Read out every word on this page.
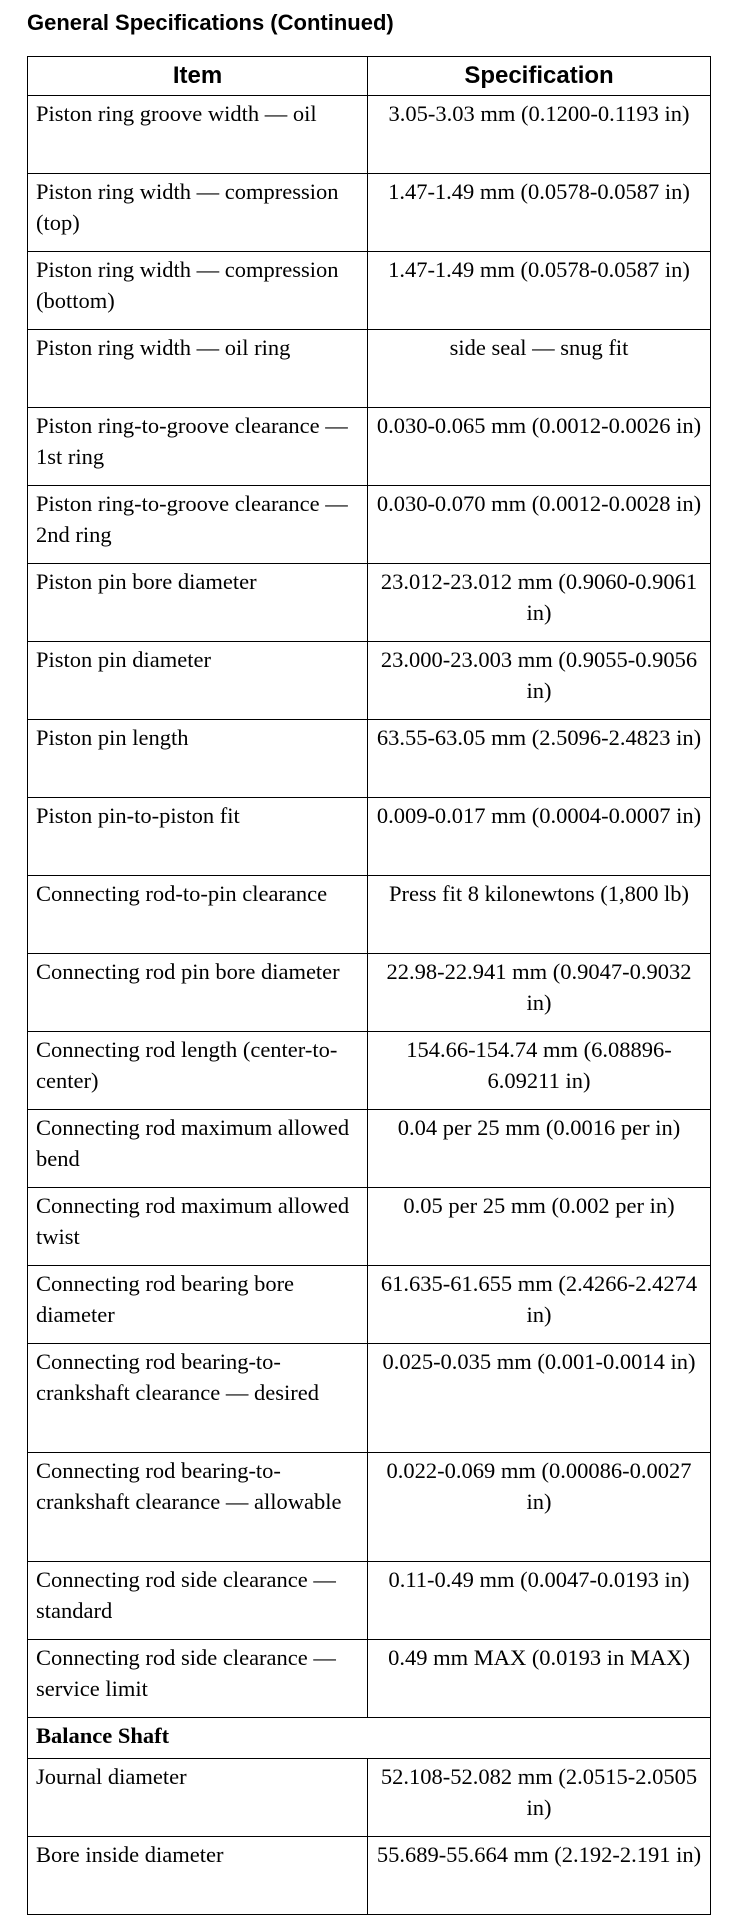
General Specifications (Continued)
Item	Specification
Piston ring groove width — oil	3.05-3.03 mm (0.1200-0.1193 in)
Piston ring width — compression (top)	1.47-1.49 mm (0.0578-0.0587 in)
Piston ring width — compression (bottom)	1.47-1.49 mm (0.0578-0.0587 in)
Piston ring width — oil ring	side seal — snug fit
Piston ring-to-groove clearance — 1st ring	0.030-0.065 mm (0.0012-0.0026 in)
Piston ring-to-groove clearance — 2nd ring	0.030-0.070 mm (0.0012-0.0028 in)
Piston pin bore diameter	23.012-23.012 mm (0.9060-0.9061 in)
Piston pin diameter	23.000-23.003 mm (0.9055-0.9056 in)
Piston pin length	63.55-63.05 mm (2.5096-2.4823 in)
Piston pin-to-piston fit	0.009-0.017 mm (0.0004-0.0007 in)
Connecting rod-to-pin clearance	Press fit 8 kilonewtons (1,800 lb)
Connecting rod pin bore diameter	22.98-22.941 mm (0.9047-0.9032 in)
Connecting rod length (center-to-center)	154.66-154.74 mm (6.08896-6.09211 in)
Connecting rod maximum allowed bend	0.04 per 25 mm (0.0016 per in)
Connecting rod maximum allowed twist	0.05 per 25 mm (0.002 per in)
Connecting rod bearing bore diameter	61.635-61.655 mm (2.4266-2.4274 in)
Connecting rod bearing-to-crankshaft clearance — desired	0.025-0.035 mm (0.001-0.0014 in)
Connecting rod bearing-to-crankshaft clearance — allowable	0.022-0.069 mm (0.00086-0.0027 in)
Connecting rod side clearance — standard	0.11-0.49 mm (0.0047-0.0193 in)
Connecting rod side clearance — service limit	0.49 mm MAX (0.0193 in MAX)
Balance Shaft	
Journal diameter	52.108-52.082 mm (2.0515-2.0505 in)
Bore inside diameter	55.689-55.664 mm (2.192-2.191 in)
